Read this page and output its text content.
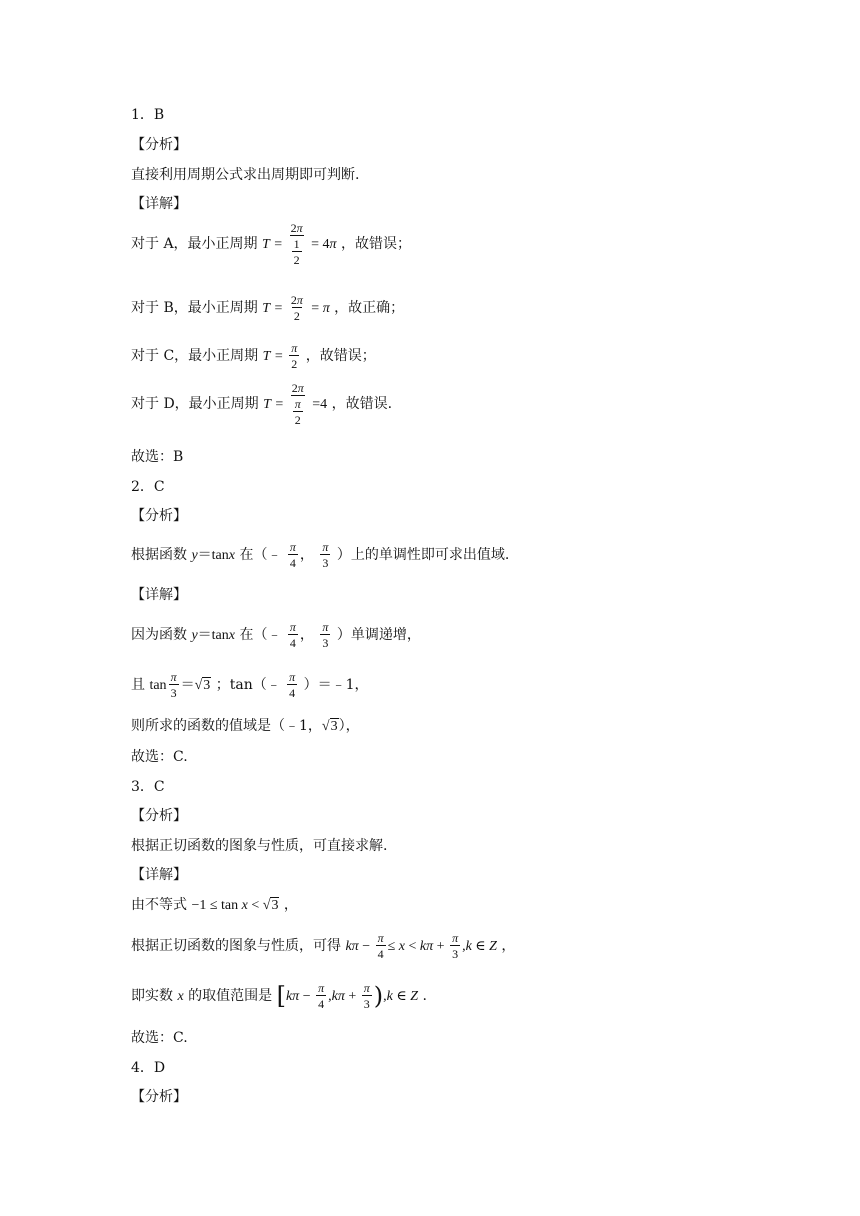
1．B
【分析】
直接利用周期公式求出周期即可判断.
【详解】
对于 A，最小正周期 $T = \frac{2\pi}{\frac{1}{2}} = 4\pi$ ，故错误；
对于 B，最小正周期 $T = \frac{2\pi}{2} = \pi$ ，故正确；
对于 C，最小正周期 $T = \frac{\pi}{2}$ ，故错误；
对于 D，最小正周期 $T = \frac{2\pi}{\frac{\pi}{2}} =4$ ，故错误.
故选：B
2．C
【分析】
根据函数 y＝tanx 在（﹣ $\frac{\pi}{4}$ ， $\frac{\pi}{3}$ ）上的单调性即可求出值域.
【详解】
因为函数 y＝tanx 在（﹣ $\frac{\pi}{4}$ ， $\frac{\pi}{3}$ ）单调递增，
且 $\tan \frac{\pi}{3} =√3$ ；tan（﹣ $\frac{\pi}{4}$ ）＝﹣1，
则所求的函数的值域是（﹣1，√3），
故选：C.
3．C
【分析】
根据正切函数的图象与性质，可直接求解.
【详解】
由不等式 −1 ≤ tan x < √3 ，
根据正切函数的图象与性质，可得 $k\pi - \frac{\pi}{4} \le x < k\pi + \frac{\pi}{3} ,k$ ∈ Z ，
即实数 x 的取值范围是 $[k\pi - \frac{\pi}{4} ,k\pi + \frac{\pi}{3} ),k$ ∈ Z .
故选：C.
4．D
【分析】
